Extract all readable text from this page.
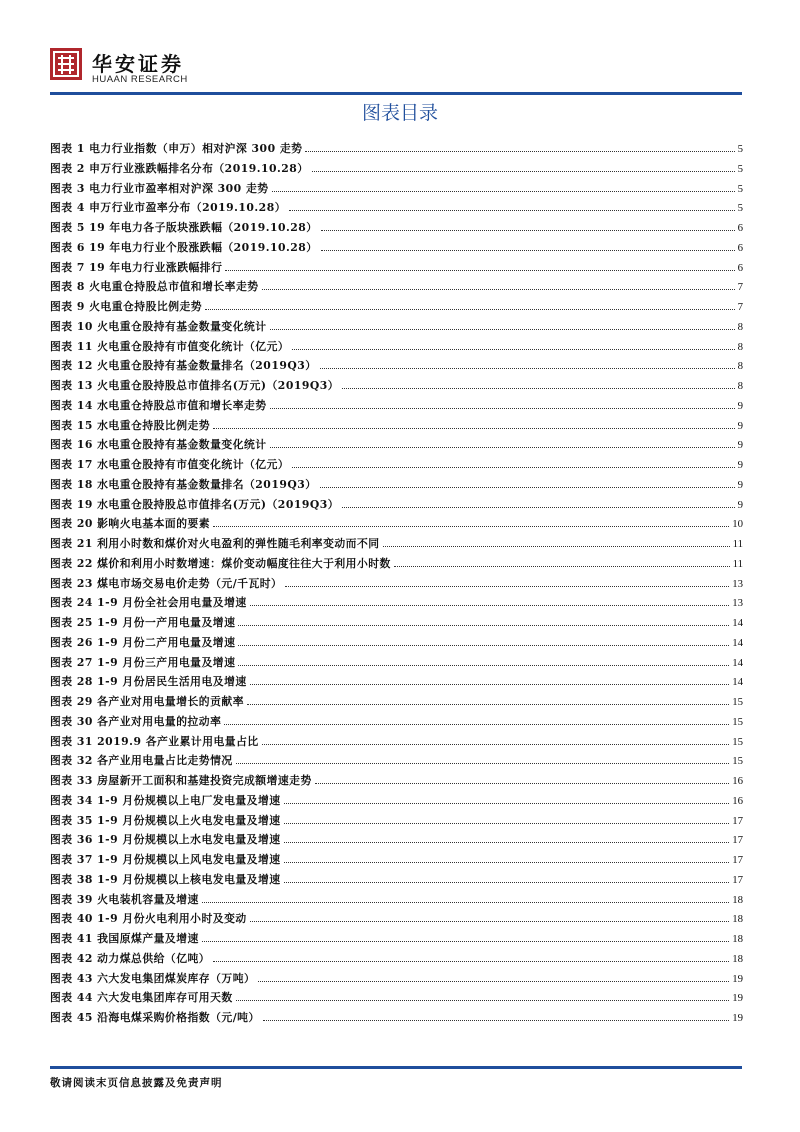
华安证券
HUAAN RESEARCH
图表目录
图表 1 电力行业指数（申万）相对沪深 300 走势	5
图表 2 申万行业涨跌幅排名分布（2019.10.28）	5
图表 3 电力行业市盈率相对沪深 300 走势	5
图表 4 申万行业市盈率分布（2019.10.28）	5
图表 5 19 年电力各子版块涨跌幅（2019.10.28）	6
图表 6 19 年电力行业个股涨跌幅（2019.10.28）	6
图表 7 19 年电力行业涨跌幅排行	6
图表 8 火电重仓持股总市值和增长率走势	7
图表 9 火电重仓持股比例走势	7
图表 10 火电重仓股持有基金数量变化统计	8
图表 11 火电重仓股持有市值变化统计（亿元）	8
图表 12 火电重仓股持有基金数量排名（2019Q3）	8
图表 13 火电重仓股持股总市值排名(万元)（2019Q3）	8
图表 14 水电重仓持股总市值和增长率走势	9
图表 15 水电重仓持股比例走势	9
图表 16 水电重仓股持有基金数量变化统计	9
图表 17 水电重仓股持有市值变化统计（亿元）	9
图表 18 水电重仓股持有基金数量排名（2019Q3）	9
图表 19 水电重仓股持股总市值排名(万元)（2019Q3）	9
图表 20 影响火电基本面的要素	10
图表 21 利用小时数和煤价对火电盈利的弹性随毛利率变动而不同	11
图表 22 煤价和利用小时数增速：煤价变动幅度往往大于利用小时数	11
图表 23 煤电市场交易电价走势（元/千瓦时）	13
图表 24 1-9 月份全社会用电量及增速	13
图表 25 1-9 月份一产用电量及增速	14
图表 26 1-9 月份二产用电量及增速	14
图表 27 1-9 月份三产用电量及增速	14
图表 28 1-9 月份居民生活用电及增速	14
图表 29 各产业对用电量增长的贡献率	15
图表 30 各产业对用电量的拉动率	15
图表 31 2019.9 各产业累计用电量占比	15
图表 32 各产业用电量占比走势情况	15
图表 33 房屋新开工面积和基建投资完成额增速走势	16
图表 34 1-9 月份规模以上电厂发电量及增速	16
图表 35 1-9 月份规模以上火电发电量及增速	17
图表 36 1-9 月份规模以上水电发电量及增速	17
图表 37 1-9 月份规模以上风电发电量及增速	17
图表 38 1-9 月份规模以上核电发电量及增速	17
图表 39 火电装机容量及增速	18
图表 40 1-9 月份火电利用小时及变动	18
图表 41 我国原煤产量及增速	18
图表 42 动力煤总供给（亿吨）	18
图表 43 六大发电集团煤炭库存（万吨）	19
图表 44 六大发电集团库存可用天数	19
图表 45 沿海电煤采购价格指数（元/吨）	19
敬请阅读末页信息披露及免责声明
